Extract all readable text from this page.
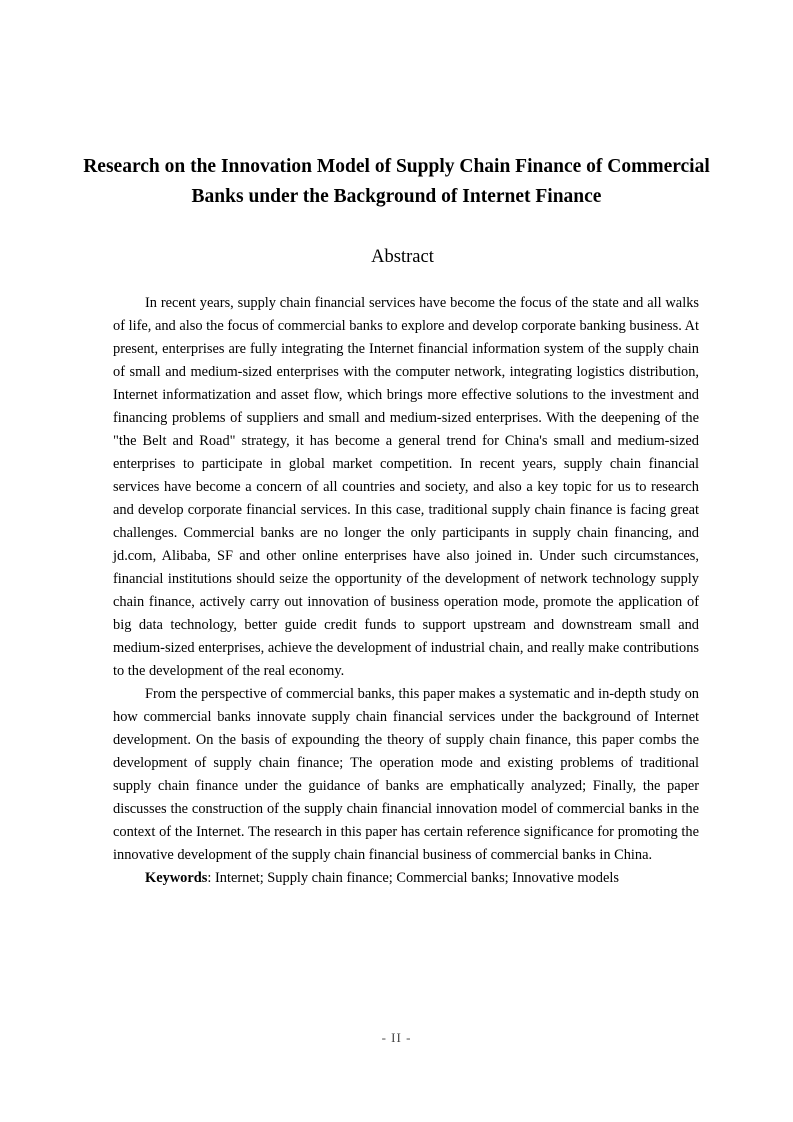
Research on the Innovation Model of Supply Chain Finance of Commercial Banks under the Background of Internet Finance
Abstract

In recent years, supply chain financial services have become the focus of the state and all walks of life, and also the focus of commercial banks to explore and develop corporate banking business. At present, enterprises are fully integrating the Internet financial information system of the supply chain of small and medium-sized enterprises with the computer network, integrating logistics distribution, Internet informatization and asset flow, which brings more effective solutions to the investment and financing problems of suppliers and small and medium-sized enterprises. With the deepening of the "the Belt and Road" strategy, it has become a general trend for China's small and medium-sized enterprises to participate in global market competition. In recent years, supply chain financial services have become a concern of all countries and society, and also a key topic for us to research and develop corporate financial services. In this case, traditional supply chain finance is facing great challenges. Commercial banks are no longer the only participants in supply chain financing, and jd.com, Alibaba, SF and other online enterprises have also joined in. Under such circumstances, financial institutions should seize the opportunity of the development of network technology supply chain finance, actively carry out innovation of business operation mode, promote the application of big data technology, better guide credit funds to support upstream and downstream small and medium-sized enterprises, achieve the development of industrial chain, and really make contributions to the development of the real economy.

From the perspective of commercial banks, this paper makes a systematic and in-depth study on how commercial banks innovate supply chain financial services under the background of Internet development. On the basis of expounding the theory of supply chain finance, this paper combs the development of supply chain finance; The operation mode and existing problems of traditional supply chain finance under the guidance of banks are emphatically analyzed; Finally, the paper discusses the construction of the supply chain financial innovation model of commercial banks in the context of the Internet. The research in this paper has certain reference significance for promoting the innovative development of the supply chain financial business of commercial banks in China.

Keywords: Internet; Supply chain finance; Commercial banks; Innovative models

- II -
